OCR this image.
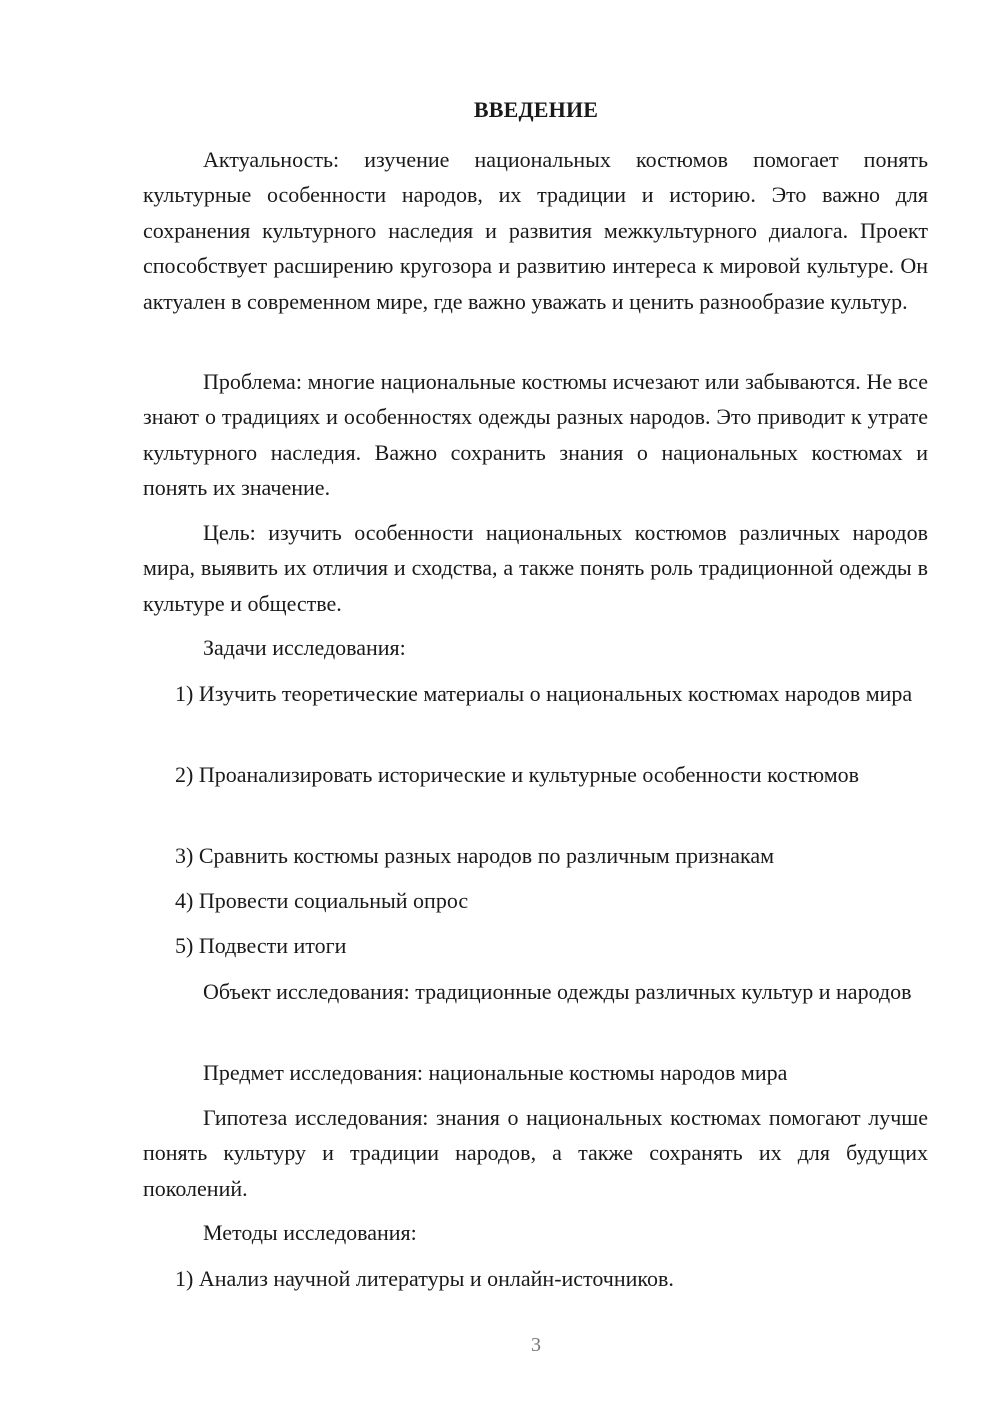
ВВЕДЕНИЕ

Актуальность: изучение национальных костюмов помогает понять культурные особенности народов, их традиции и историю. Это важно для сохранения культурного наследия и развития межкультурного диалога. Проект способствует расширению кругозора и развитию интереса к мировой культуре. Он актуален в современном мире, где важно уважать и ценить разнообразие культур.

Проблема: многие национальные костюмы исчезают или забываются. Не все знают о традициях и особенностях одежды разных народов. Это приводит к утрате культурного наследия. Важно сохранить знания о национальных костюмах и понять их значение.

Цель: изучить особенности национальных костюмов различных народов мира, выявить их отличия и сходства, а также понять роль традиционной одежды в культуре и обществе.

Задачи исследования:

1) Изучить теоретические материалы о национальных костюмах народов мира

2) Проанализировать исторические и культурные особенности костюмов

3) Сравнить костюмы разных народов по различным признакам

4) Провести социальный опрос

5) Подвести итоги

Объект исследования: традиционные одежды различных культур и народов

Предмет исследования: национальные костюмы народов мира

Гипотеза исследования: знания о национальных костюмах помогают лучше понять культуру и традиции народов, а также сохранять их для будущих поколений.

Методы исследования:

1) Анализ научной литературы и онлайн-источников.

3
